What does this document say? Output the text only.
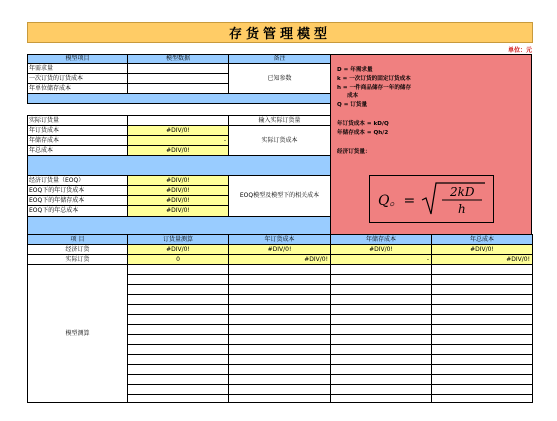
存货管理模型
单位：元
模型项目	模型数据	备注
年需求量
一次订货的订货成本
年单位储存成本
已知参数
实际订货量	输入实际订货量
年订货成本	#DIV/0!
年储存成本	-
年总成本	#DIV/0!
实际订货成本
经济订货量（EOQ）	#DIV/0!
EOQ下的年订货成本	#DIV/0!
EOQ下的年储存成本	#DIV/0!
EOQ下的年总成本	#DIV/0!
EOQ模型及模型下的相关成本
D = 年需求量
k = 一次订货的固定订货成本
h = 一件商品储存一年的储存
成本
Q = 订货量
年订货成本 = kD/Q
年储存成本 = Qh/2
经济订货量：
Q。=
2kD
h
项 目	订货量测算	年订货成本	年储存成本	年总成本
经济订货	#DIV/0!	#DIV/0!	#DIV/0!	#DIV/0!
实际订货	0	#DIV/0!	-	#DIV/0!
模型测算
